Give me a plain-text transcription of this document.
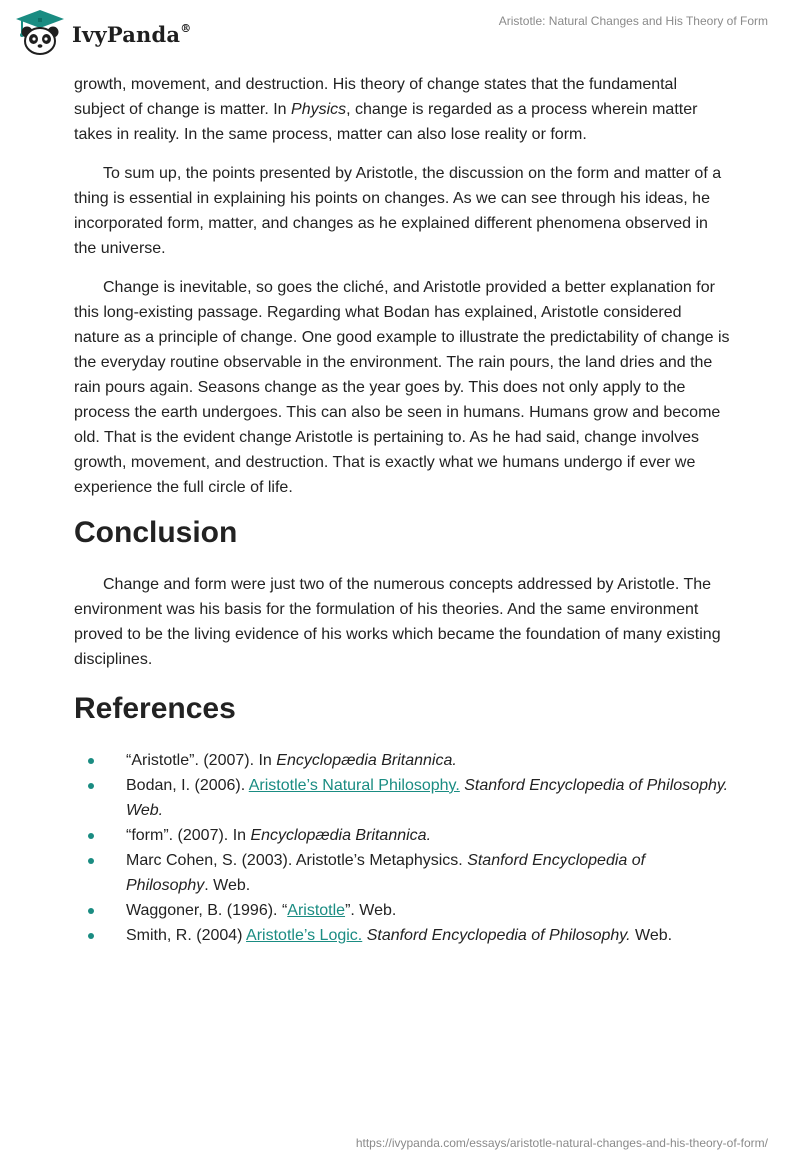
IvyPanda®	Aristotle: Natural Changes and His Theory of Form

growth, movement, and destruction. His theory of change states that the fundamental subject of change is matter. In Physics, change is regarded as a process wherein matter takes in reality. In the same process, matter can also lose reality or form.

To sum up, the points presented by Aristotle, the discussion on the form and matter of a thing is essential in explaining his points on changes. As we can see through his ideas, he incorporated form, matter, and changes as he explained different phenomena observed in the universe.

Change is inevitable, so goes the cliché, and Aristotle provided a better explanation for this long-existing passage. Regarding what Bodan has explained, Aristotle considered nature as a principle of change. One good example to illustrate the predictability of change is the everyday routine observable in the environment. The rain pours, the land dries and the rain pours again. Seasons change as the year goes by. This does not only apply to the process the earth undergoes. This can also be seen in humans. Humans grow and become old. That is the evident change Aristotle is pertaining to. As he had said, change involves growth, movement, and destruction. That is exactly what we humans undergo if ever we experience the full circle of life.

Conclusion

Change and form were just two of the numerous concepts addressed by Aristotle. The environment was his basis for the formulation of his theories. And the same environment proved to be the living evidence of his works which became the foundation of many existing disciplines.

References
“Aristotle”. (2007). In Encyclopædia Britannica.
Bodan, I. (2006). Aristotle’s Natural Philosophy. Stanford Encyclopedia of Philosophy. Web.
“form”. (2007). In Encyclopædia Britannica.
Marc Cohen, S. (2003). Aristotle’s Metaphysics. Stanford Encyclopedia of Philosophy. Web.
Waggoner, B. (1996). “Aristotle”. Web.
Smith, R. (2004) Aristotle’s Logic. Stanford Encyclopedia of Philosophy. Web.
https://ivypanda.com/essays/aristotle-natural-changes-and-his-theory-of-form/
